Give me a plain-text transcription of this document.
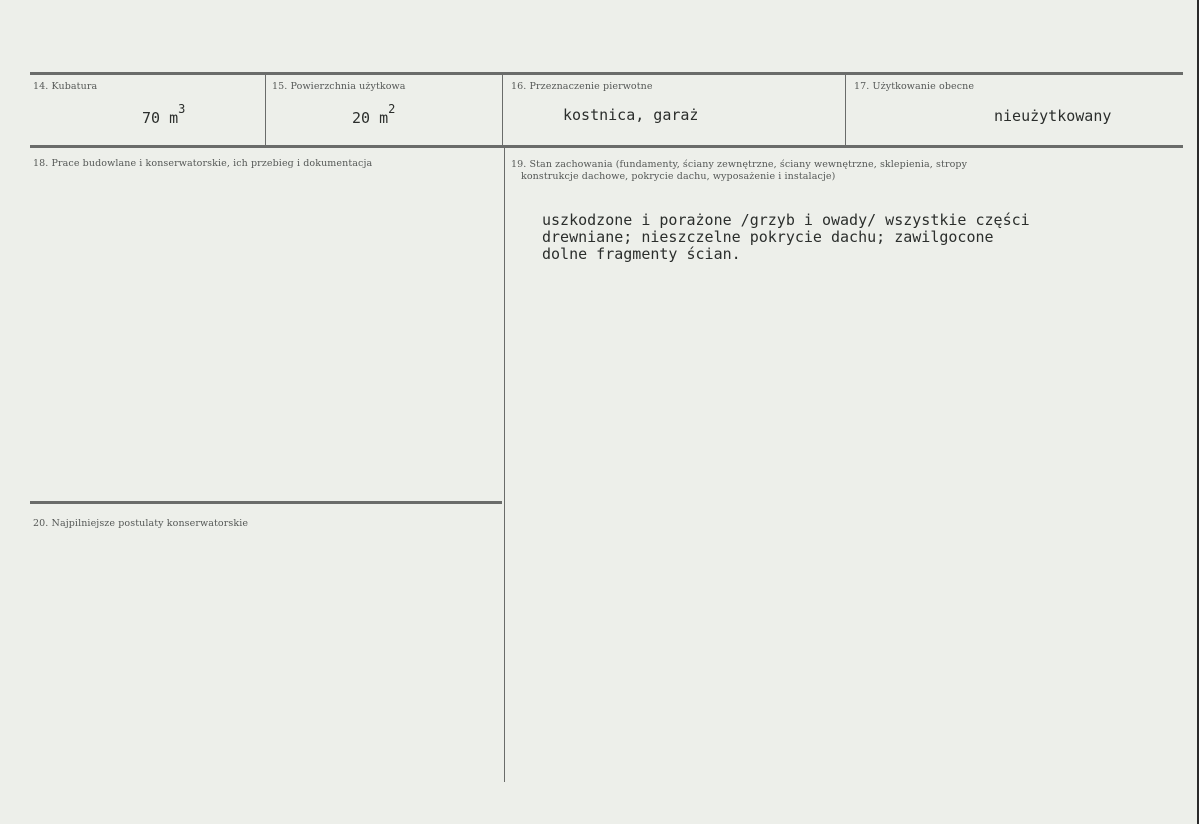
14. Kubatura
70 $m^3$
15. Powierzchnia użytkowa
20 $m^2$
16. Przeznaczenie pierwotne
kostnica, garaż
17. Użytkowanie obecne
nieużytkowany
18. Prace budowlane i konserwatorskie, ich przebieg i dokumentacja	19. Stan zachowania (fundamenty, ściany zewnętrzne, ściany wewnętrzne, sklepienia, stropy
konstrukcje dachowe, pokrycie dachu, wyposażenie i instalacje)
uszkodzone i porażone /grzyb i owady/ wszystkie części
drewniane; nieszczelne pokrycie dachu; zawilgocone
dolne fragmenty ścian.
20. Najpilniejsze postulaty konserwatorskie
